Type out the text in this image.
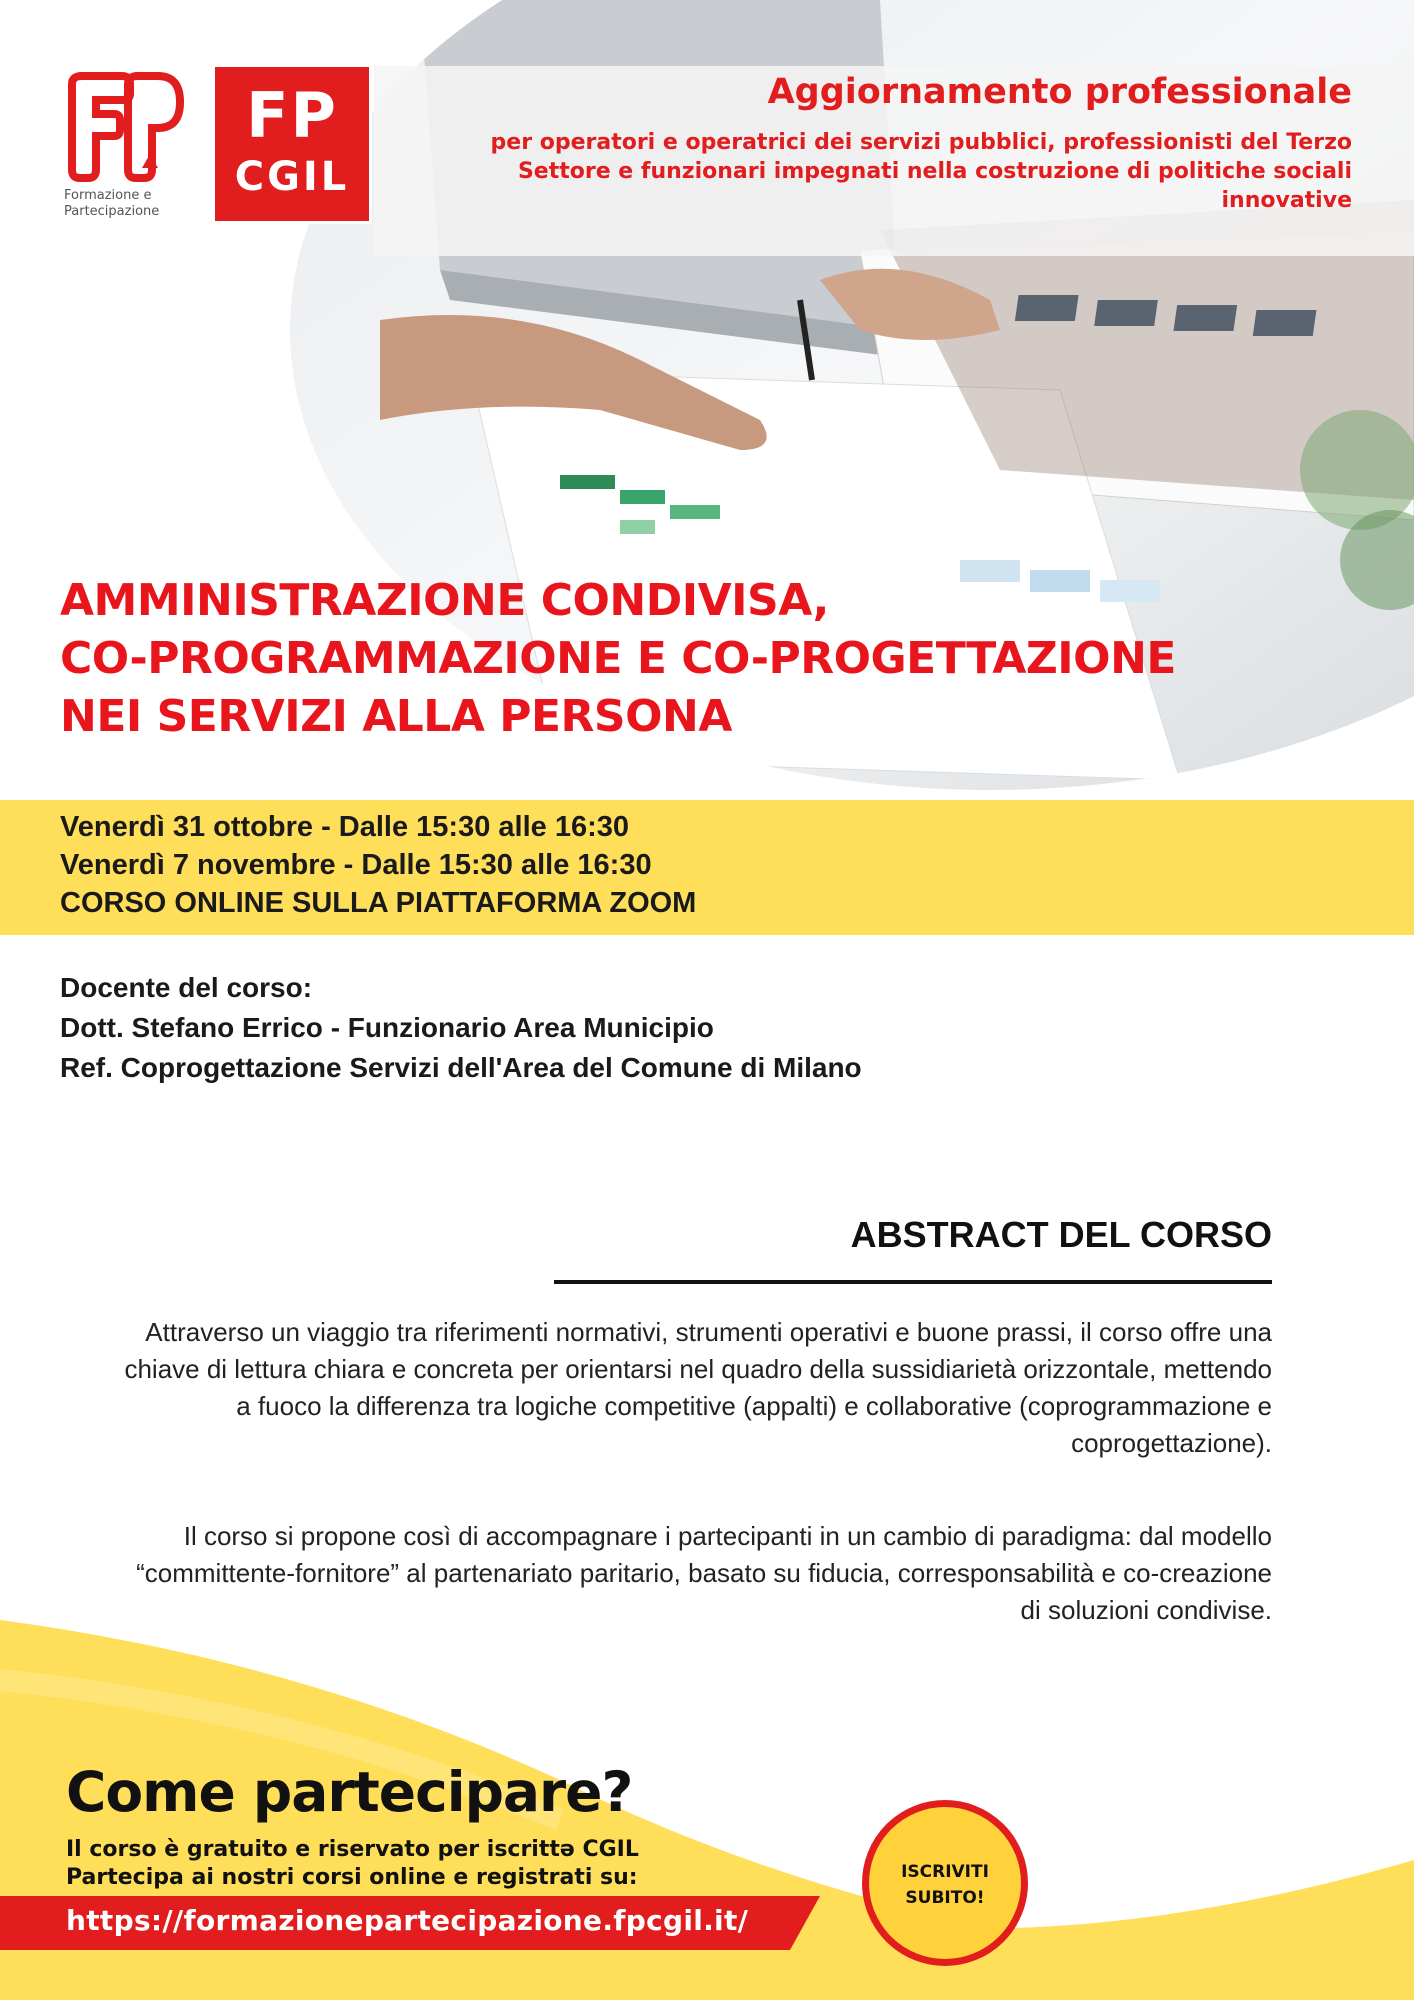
Formazione e
Partecipazione
FP
CGIL
Aggiornamento professionale
per operatori e operatrici dei servizi pubblici, professionisti del Terzo Settore e funzionari impegnati nella costruzione di politiche sociali innovative
AMMINISTRAZIONE CONDIVISA,
CO-PROGRAMMAZIONE E CO-PROGETTAZIONE
NEI SERVIZI ALLA PERSONA
Venerdì 31 ottobre - Dalle 15:30 alle 16:30
Venerdì 7 novembre - Dalle 15:30 alle 16:30
CORSO ONLINE SULLA PIATTAFORMA ZOOM
Docente del corso:
Dott. Stefano Errico - Funzionario Area Municipio
Ref. Coprogettazione Servizi dell'Area del Comune di Milano
ABSTRACT DEL CORSO
Attraverso un viaggio tra riferimenti normativi, strumenti operativi e buone prassi, il corso offre una chiave di lettura chiara e concreta per orientarsi nel quadro della sussidiarietà orizzontale, mettendo a fuoco la differenza tra logiche competitive (appalti) e collaborative (coprogrammazione e coprogettazione).
Il corso si propone così di accompagnare i partecipanti in un cambio di paradigma: dal modello “committente-fornitore” al partenariato paritario, basato su fiducia, corresponsabilità e co-creazione di soluzioni condivise.
Come partecipare?
Il corso è gratuito e riservato per iscrittə CGIL
Partecipa ai nostri corsi online e registrati su:
https://formazionepartecipazione.fpcgil.it/
ISCRIVITI
SUBITO!
